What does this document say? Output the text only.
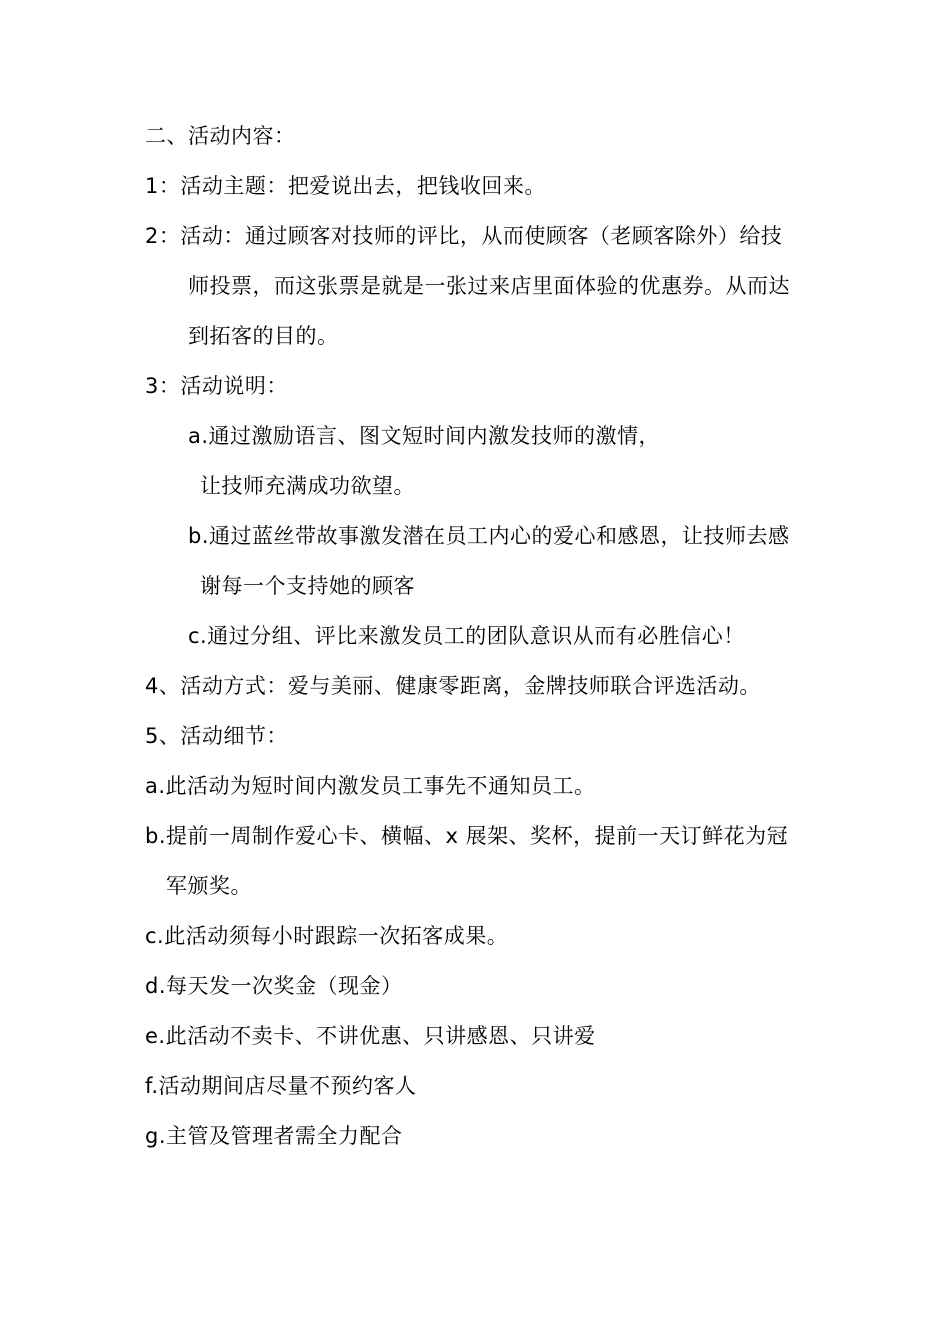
二、活动内容：
1：活动主题：把爱说出去，把钱收回来。
2：活动：通过顾客对技师的评比，从而使顾客（老顾客除外）给技
师投票，而这张票是就是一张过来店里面体验的优惠券。从而达
到拓客的目的。
3：活动说明：
a.通过激励语言、图文短时间内激发技师的激情，
让技师充满成功欲望。
b.通过蓝丝带故事激发潜在员工内心的爱心和感恩，让技师去感
谢每一个支持她的顾客
c.通过分组、评比来激发员工的团队意识从而有必胜信心！
4、活动方式：爱与美丽、健康零距离，金牌技师联合评选活动。
5、活动细节：
a.此活动为短时间内激发员工事先不通知员工。
b.提前一周制作爱心卡、横幅、x 展架、奖杯，提前一天订鲜花为冠
军颁奖。
c.此活动须每小时跟踪一次拓客成果。
d.每天发一次奖金（现金）
e.此活动不卖卡、不讲优惠、只讲感恩、只讲爱
f.活动期间店尽量不预约客人
g.主管及管理者需全力配合
